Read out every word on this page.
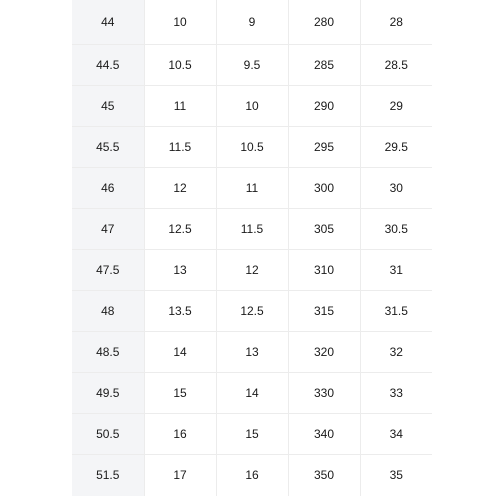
44	10	9	280	28
44.5	10.5	9.5	285	28.5
45	11	10	290	29
45.5	11.5	10.5	295	29.5
46	12	11	300	30
47	12.5	11.5	305	30.5
47.5	13	12	310	31
48	13.5	12.5	315	31.5
48.5	14	13	320	32
49.5	15	14	330	33
50.5	16	15	340	34
51.5	17	16	350	35
